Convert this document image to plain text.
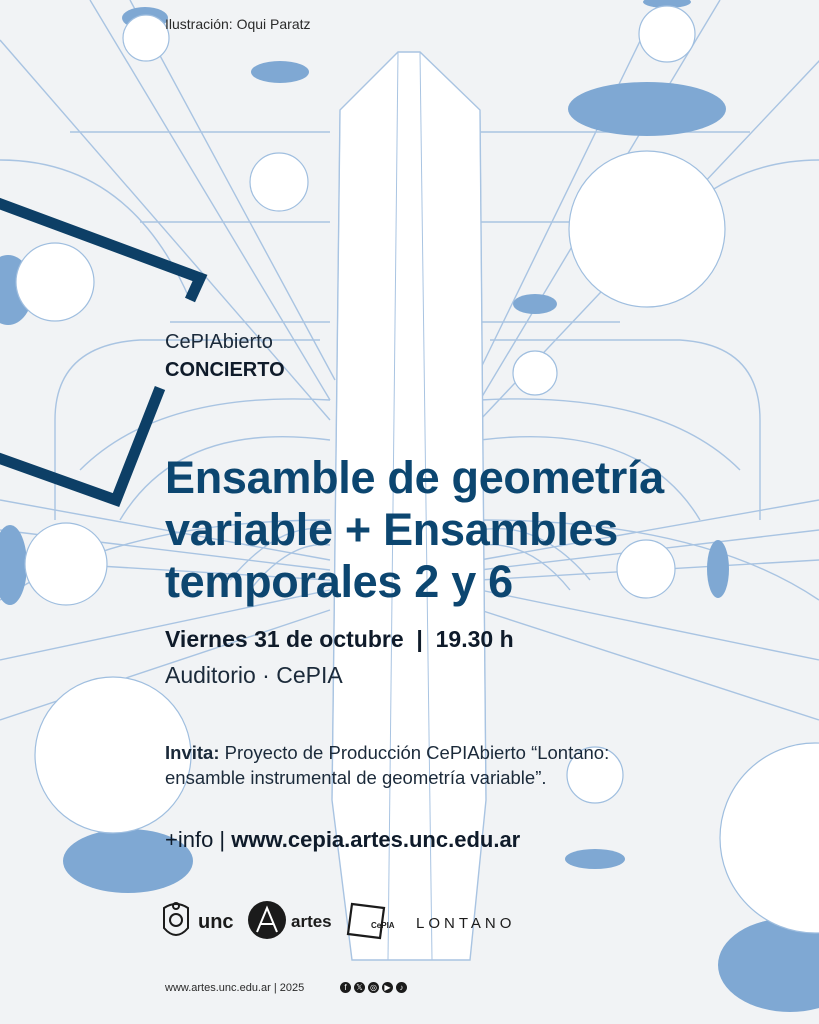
Ilustración: Oqui Paratz
CePIAbierto
CONCIERTO
Ensamble de geometría
variable + Ensambles
temporales 2 y 6
Viernes 31 de octubre | 19.30 h
Auditorio · CePIA
Invita: Proyecto de Producción CePIAbierto “Lontano:
ensamble instrumental de geometría variable”.
+info | www.cepia.artes.unc.edu.ar
unc	artes	CePIA LONTANO
www.artes.unc.edu.ar | 2025	f	𝕏 ◎ ▶	♪
